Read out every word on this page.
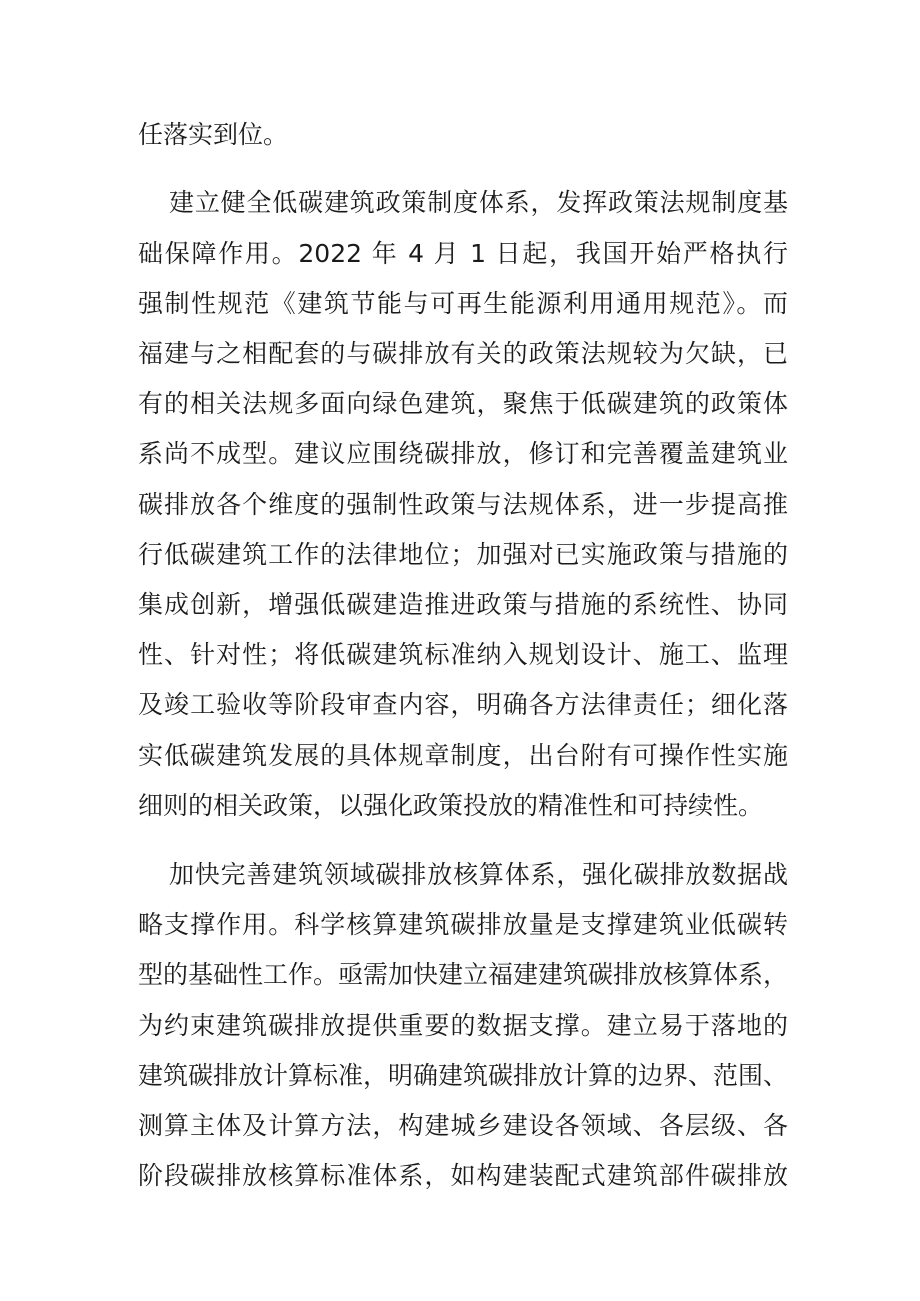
任落实到位。
建立健全低碳建筑政策制度体系，发挥政策法规制度基
础保障作用。2022 年 4 月 1 日起，我国开始严格执行
强制性规范《建筑节能与可再生能源利用通用规范》。而
福建与之相配套的与碳排放有关的政策法规较为欠缺，已
有的相关法规多面向绿色建筑，聚焦于低碳建筑的政策体
系尚不成型。建议应围绕碳排放，修订和完善覆盖建筑业
碳排放各个维度的强制性政策与法规体系，进一步提高推
行低碳建筑工作的法律地位；加强对已实施政策与措施的
集成创新，增强低碳建造推进政策与措施的系统性、协同
性、针对性；将低碳建筑标准纳入规划设计、施工、监理
及竣工验收等阶段审查内容，明确各方法律责任；细化落
实低碳建筑发展的具体规章制度，出台附有可操作性实施
细则的相关政策，以强化政策投放的精准性和可持续性。
加快完善建筑领域碳排放核算体系，强化碳排放数据战
略支撑作用。科学核算建筑碳排放量是支撑建筑业低碳转
型的基础性工作。亟需加快建立福建建筑碳排放核算体系，
为约束建筑碳排放提供重要的数据支撑。建立易于落地的
建筑碳排放计算标准，明确建筑碳排放计算的边界、范围、
测算主体及计算方法，构建城乡建设各领域、各层级、各
阶段碳排放核算标准体系，如构建装配式建筑部件碳排放
